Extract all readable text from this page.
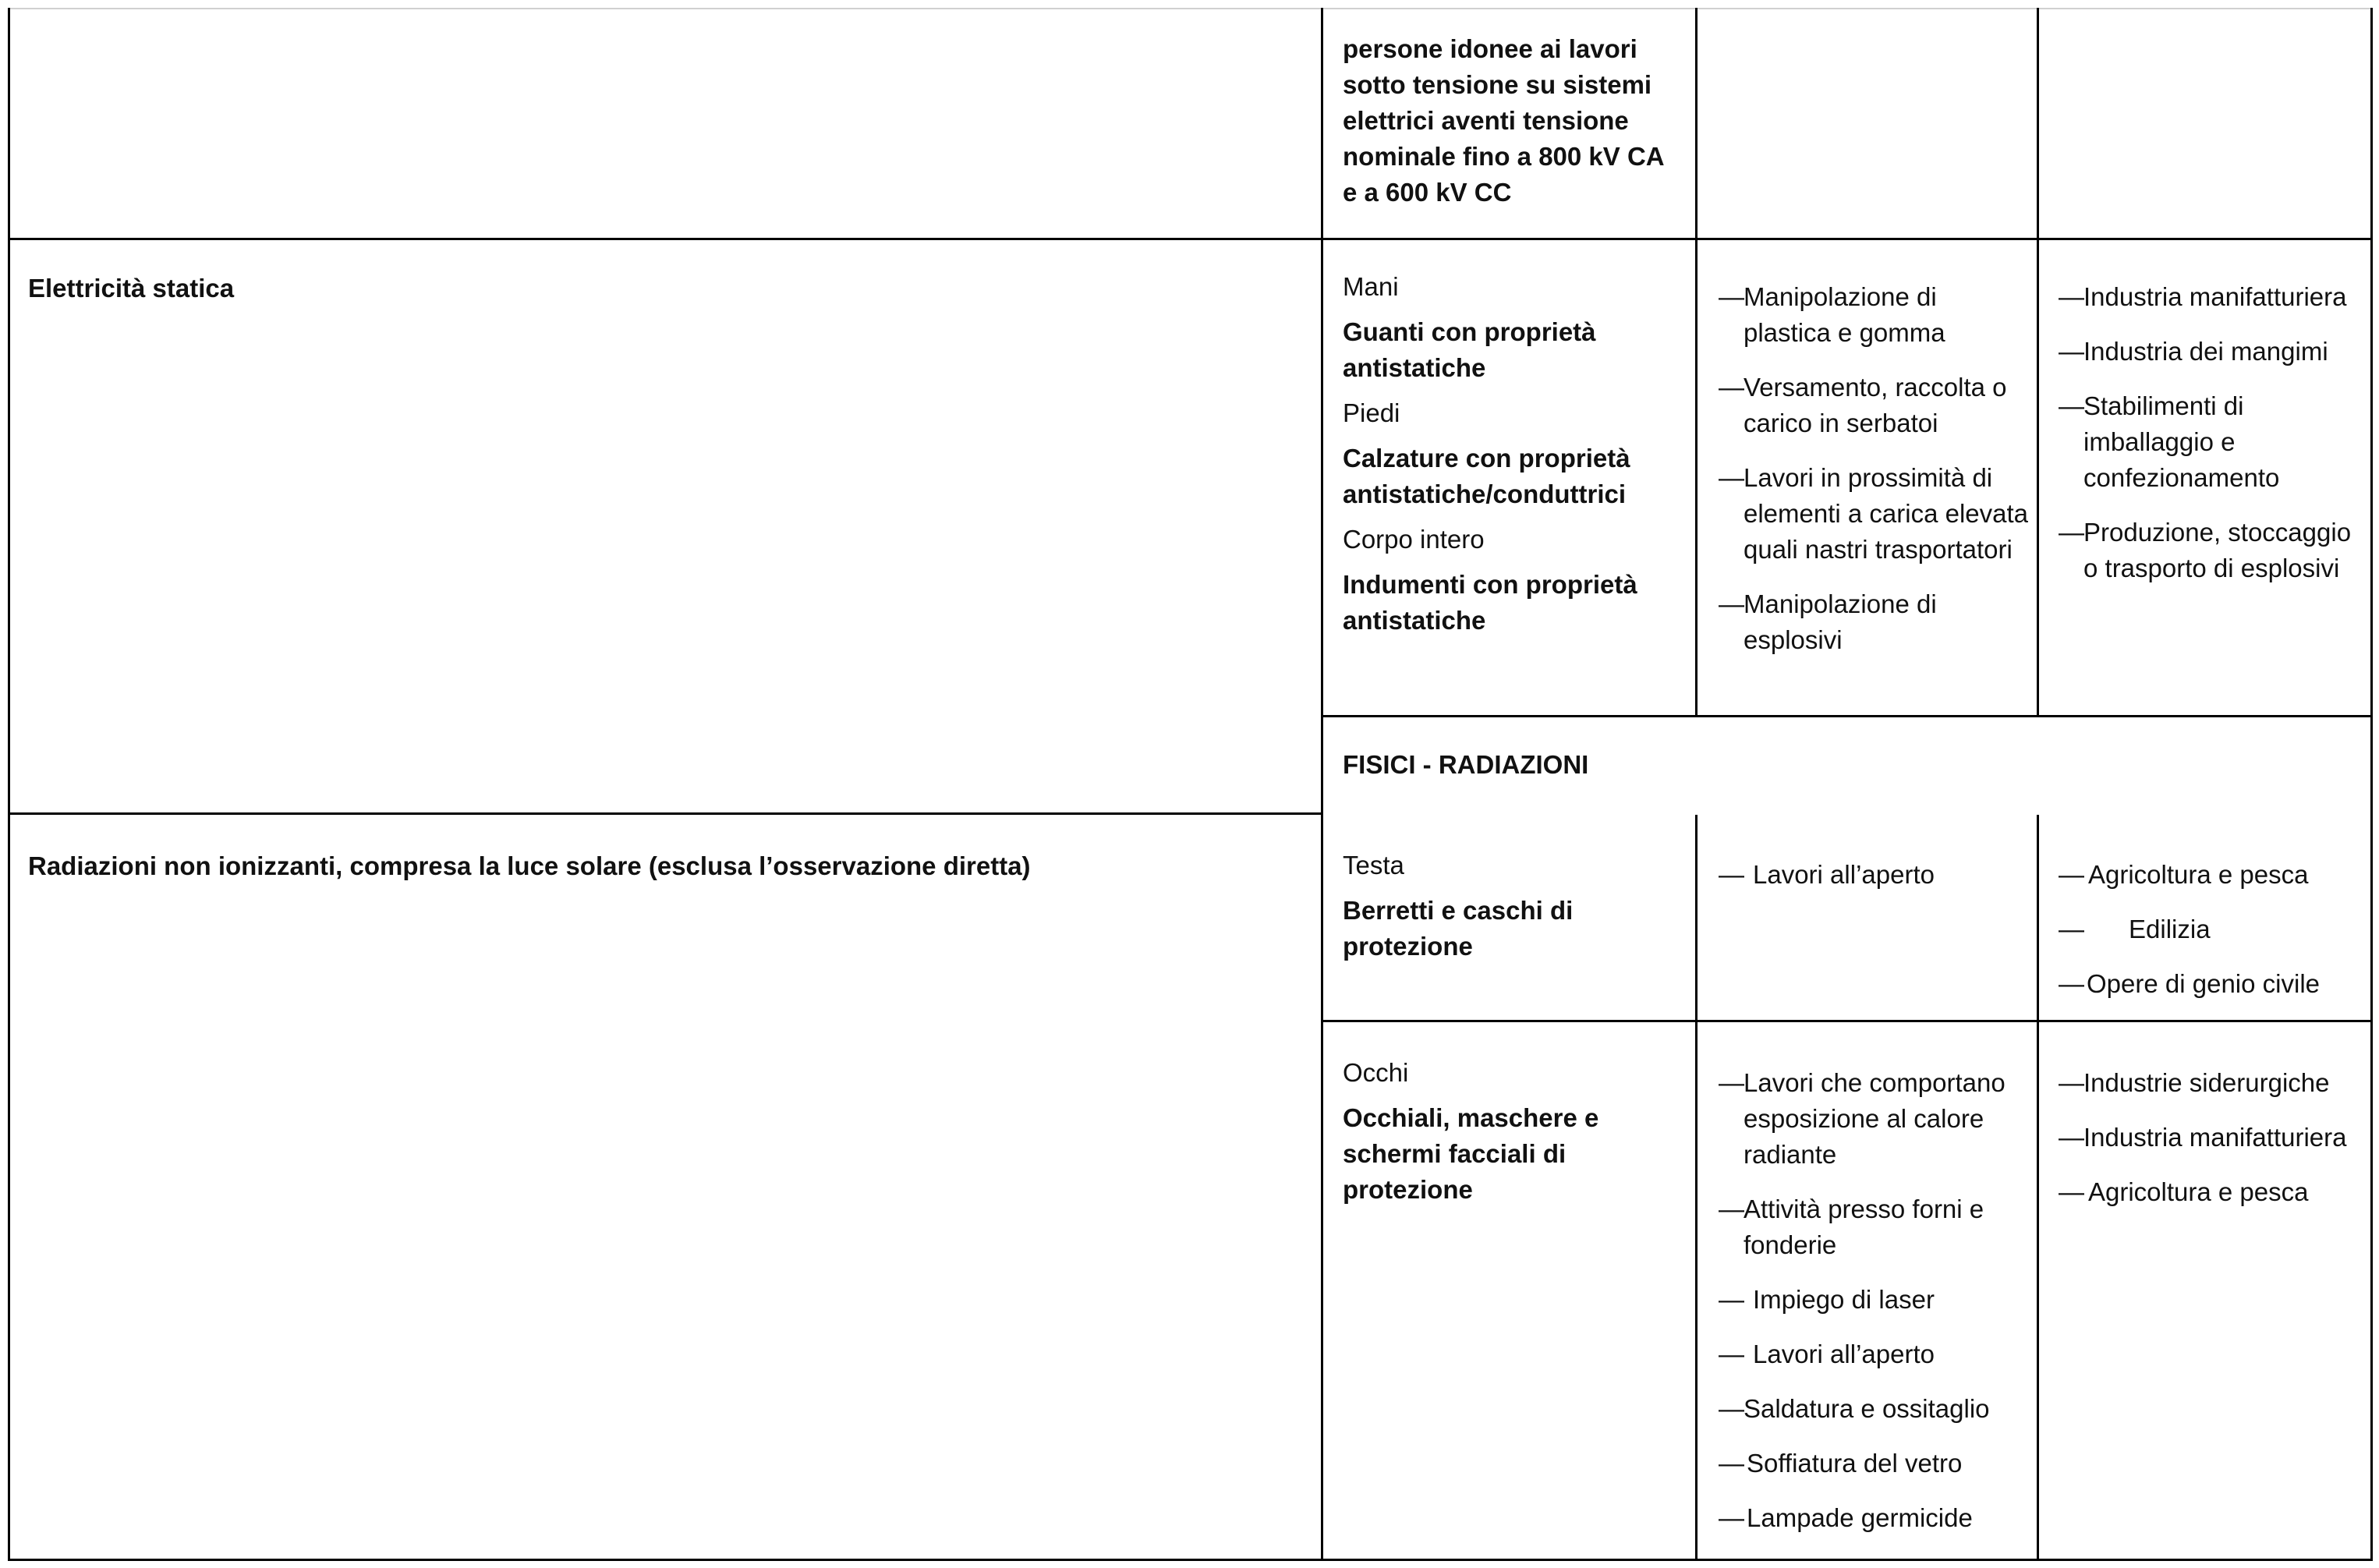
persone idonee ai lavori sotto tensione su sistemi elettrici aventi tensione nominale fino a 800 kV CA e a 600 kV CC

Elettricità statica	Mani

Guanti con proprietà antistatiche

Piedi

Calzature con proprietà antistatiche/conduttrici

Corpo intero

Indumenti con proprietà antistatiche

— Manipolazione di plastica e gomma
— Versamento, raccolta o carico in serbatoi
— Lavori in prossimità di elementi a carica elevata quali nastri trasportatori
— Manipolazione di esplosivi
— Industria manifatturiera
— Industria dei mangimi
— Stabilimenti di imballaggio e confezionamento
— Produzione, stoccaggio o trasporto di esplosivi

FISICI - RADIAZIONI

Radiazioni non ionizzanti, compresa la luce solare (esclusa l’osservazione diretta)	Testa

Berretti e caschi di protezione

— Lavori all’aperto
—	Agricoltura e pesca
— Edilizia
— Opere di genio civile

Occhi

Occhiali, maschere e schermi facciali di protezione

— Lavori che comportano esposizione al calore radiante
— Attività presso forni e fonderie
— Impiego di laser
— Lavori all’aperto
— Saldatura e ossitaglio
— Soffiatura del vetro
— Lampade germicide
— Industrie siderurgiche
— Industria manifatturiera
— Agricoltura e pesca
